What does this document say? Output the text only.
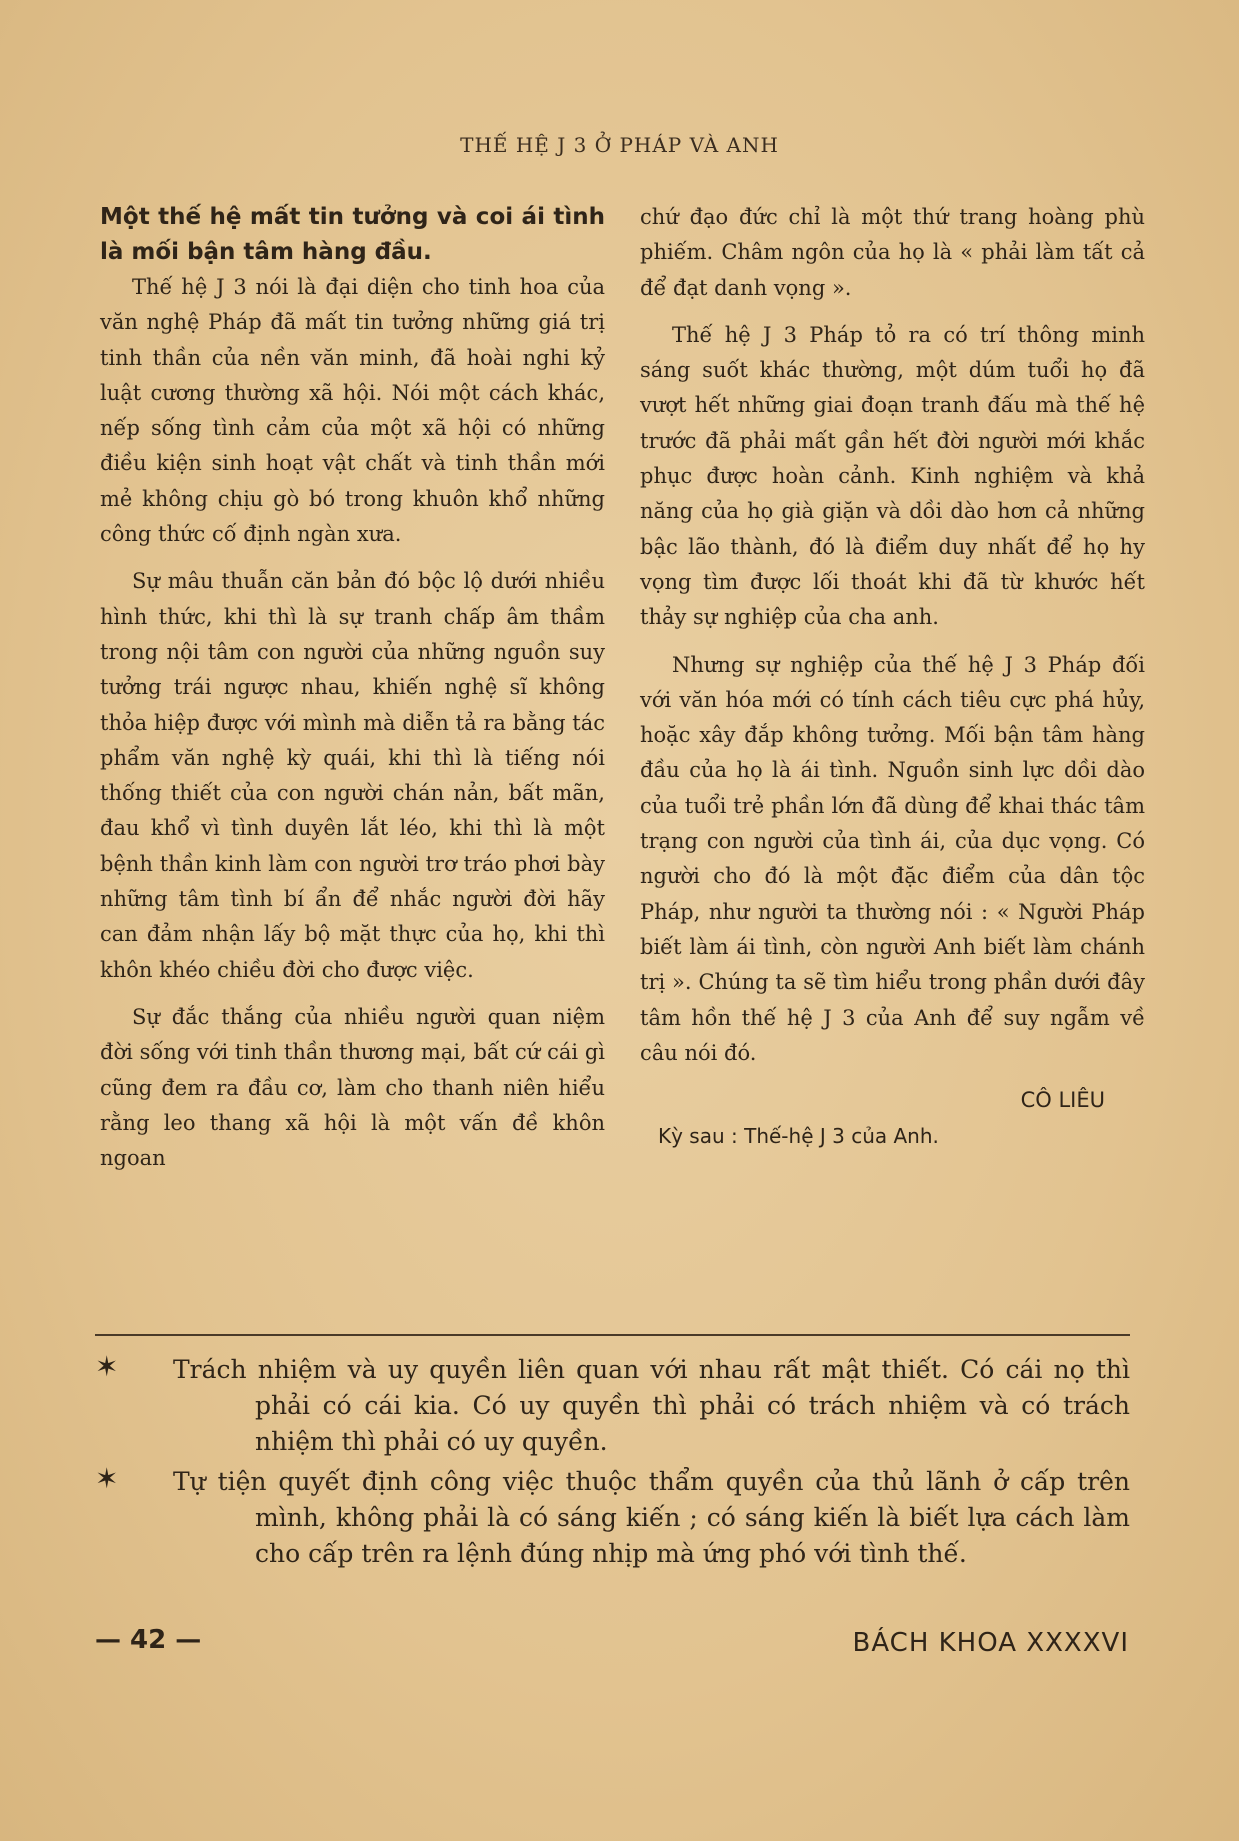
THẾ HỆ J 3 Ở PHÁP VÀ ANH

Một thế hệ mất tin tưởng và coi ái tình là mối bận tâm hàng đầu.

Thế hệ J 3 nói là đại diện cho tinh hoa của văn nghệ Pháp đã mất tin tưởng những giá trị tinh thần của nền văn minh, đã hoài nghi kỷ luật cương thường xã hội. Nói một cách khác, nếp sống tình cảm của một xã hội có những điều kiện sinh hoạt vật chất và tinh thần mới mẻ không chịu gò bó trong khuôn khổ những công thức cố định ngàn xưa.

Sự mâu thuẫn căn bản đó bộc lộ dưới nhiều hình thức, khi thì là sự tranh chấp âm thầm trong nội tâm con người của những nguồn suy tưởng trái ngược nhau, khiến nghệ sĩ không thỏa hiệp được với mình mà diễn tả ra bằng tác phẩm văn nghệ kỳ quái, khi thì là tiếng nói thống thiết của con người chán nản, bất mãn, đau khổ vì tình duyên lắt léo, khi thì là một bệnh thần kinh làm con người trơ tráo phơi bày những tâm tình bí ẩn để nhắc người đời hãy can đảm nhận lấy bộ mặt thực của họ, khi thì khôn khéo chiều đời cho được việc.

Sự đắc thắng của nhiều người quan niệm đời sống với tinh thần thương mại, bất cứ cái gì cũng đem ra đầu cơ, làm cho thanh niên hiểu rằng leo thang xã hội là một vấn đề khôn ngoan

chứ đạo đức chỉ là một thứ trang hoàng phù phiếm. Châm ngôn của họ là « phải làm tất cả để đạt danh vọng ».

Thế hệ J 3 Pháp tỏ ra có trí thông minh sáng suốt khác thường, một dúm tuổi họ đã vượt hết những giai đoạn tranh đấu mà thế hệ trước đã phải mất gần hết đời người mới khắc phục được hoàn cảnh. Kinh nghiệm và khả năng của họ già giặn và dồi dào hơn cả những bậc lão thành, đó là điểm duy nhất để họ hy vọng tìm được lối thoát khi đã từ khước hết thảy sự nghiệp của cha anh.

Nhưng sự nghiệp của thế hệ J 3 Pháp đối với văn hóa mới có tính cách tiêu cực phá hủy, hoặc xây đắp không tưởng. Mối bận tâm hàng đầu của họ là ái tình. Nguồn sinh lực dồi dào của tuổi trẻ phần lớn đã dùng để khai thác tâm trạng con người của tình ái, của dục vọng. Có người cho đó là một đặc điểm của dân tộc Pháp, như người ta thường nói : « Người Pháp biết làm ái tình, còn người Anh biết làm chánh trị ». Chúng ta sẽ tìm hiểu trong phần dưới đây tâm hồn thế hệ J 3 của Anh để suy ngẫm về câu nói đó.

CÔ LIÊU

Kỳ sau : Thế-hệ J 3 của Anh.

✶ Trách nhiệm và uy quyền liên quan với nhau rất mật thiết. Có cái nọ thì phải có cái kia. Có uy quyền thì phải có trách nhiệm và có trách nhiệm thì phải có uy quyền.

✶ Tự tiện quyết định công việc thuộc thẩm quyền của thủ lãnh ở cấp trên mình, không phải là có sáng kiến ; có sáng kiến là biết lựa cách làm cho cấp trên ra lệnh đúng nhịp mà ứng phó với tình thế.

— 42 —	BÁCH KHOA XXXXVI
